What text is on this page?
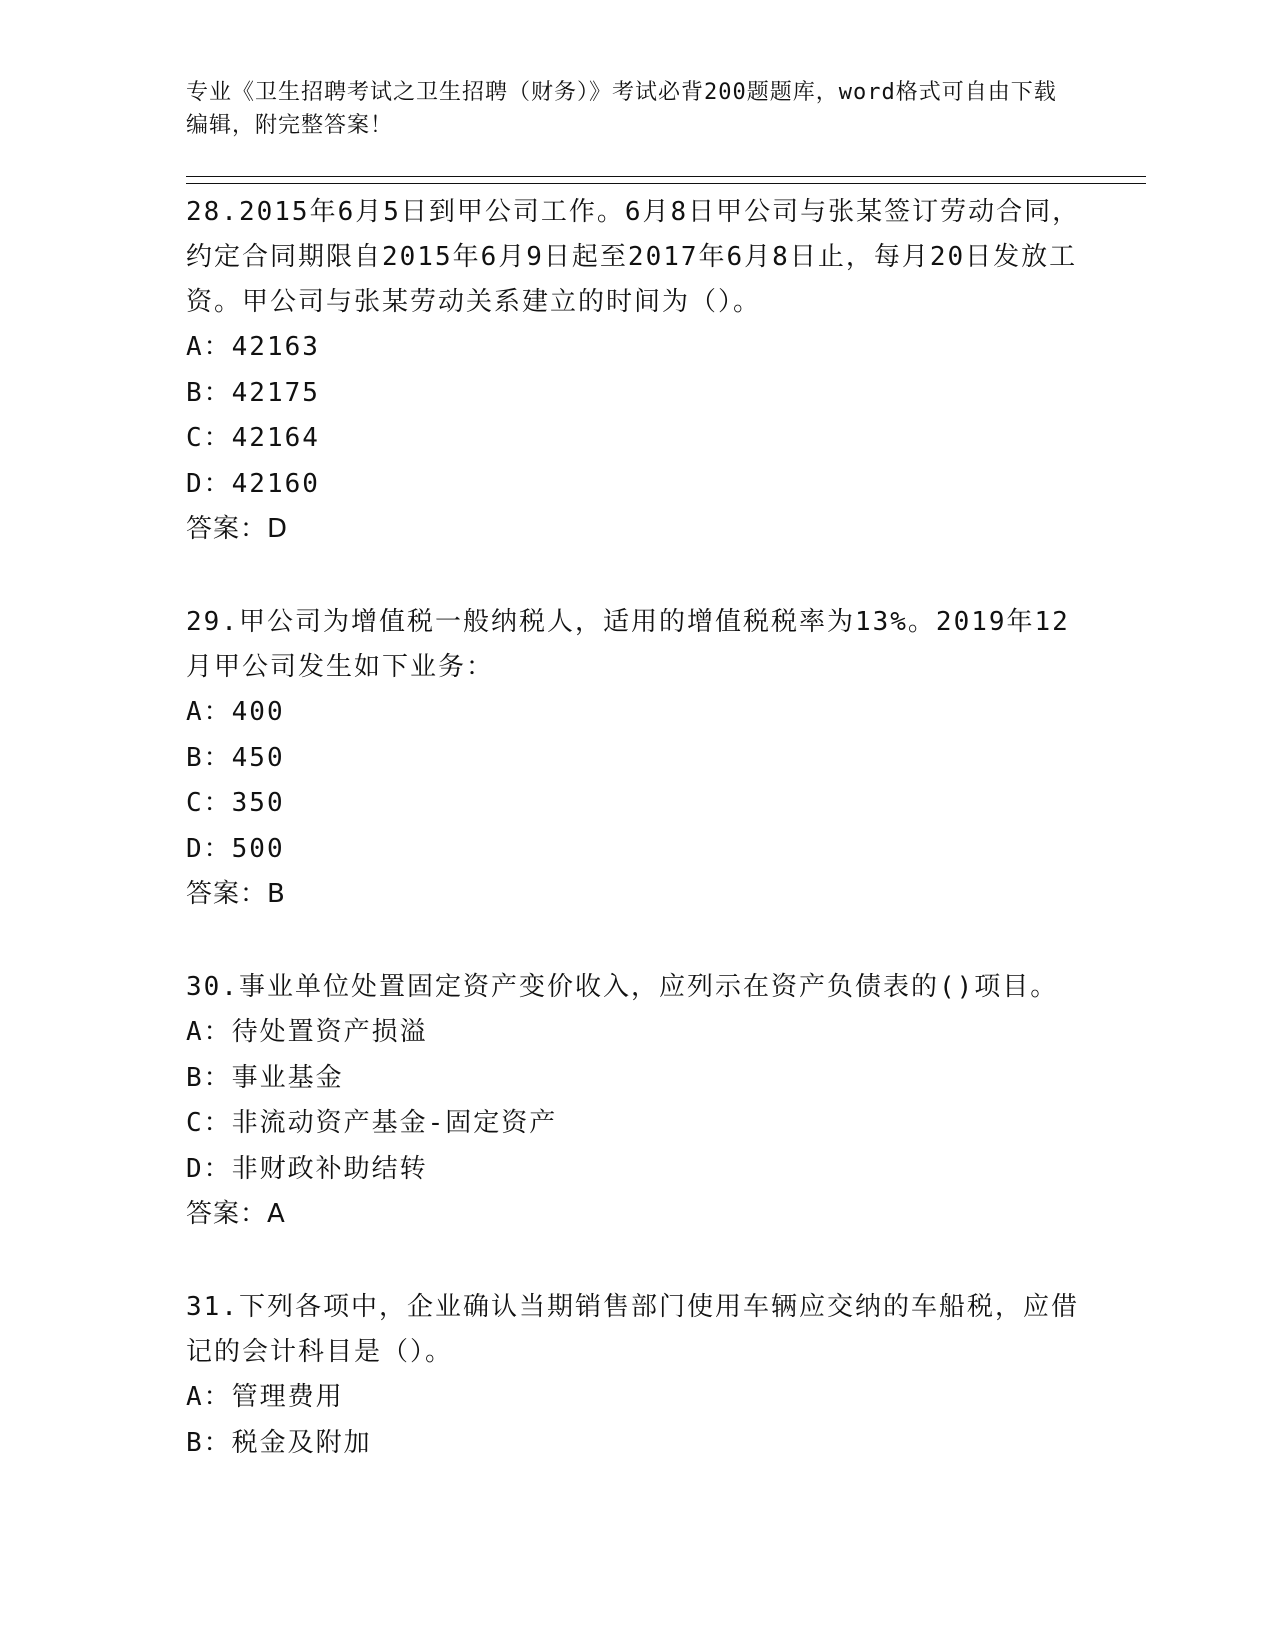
专业《卫生招聘考试之卫生招聘（财务）》考试必背200题题库，word格式可自由下载编辑，附完整答案！

28.2015年6月5日到甲公司工作。6月8日甲公司与张某签订劳动合同，约定合同期限自2015年6月9日起至2017年6月8日止，每月20日发放工资。甲公司与张某劳动关系建立的时间为（）。

A：42163

B：42175

C：42164

D：42160

答案：D

29.甲公司为增值税一般纳税人，适用的增值税税率为13%。2019年12月甲公司发生如下业务：

A：400

B：450

C：350

D：500

答案：B

30.事业单位处置固定资产变价收入，应列示在资产负债表的()项目。

A：待处置资产损溢

B：事业基金

C：非流动资产基金-固定资产

D：非财政补助结转

答案：A

31.下列各项中，企业确认当期销售部门使用车辆应交纳的车船税，应借记的会计科目是（）。

A：管理费用

B：税金及附加
